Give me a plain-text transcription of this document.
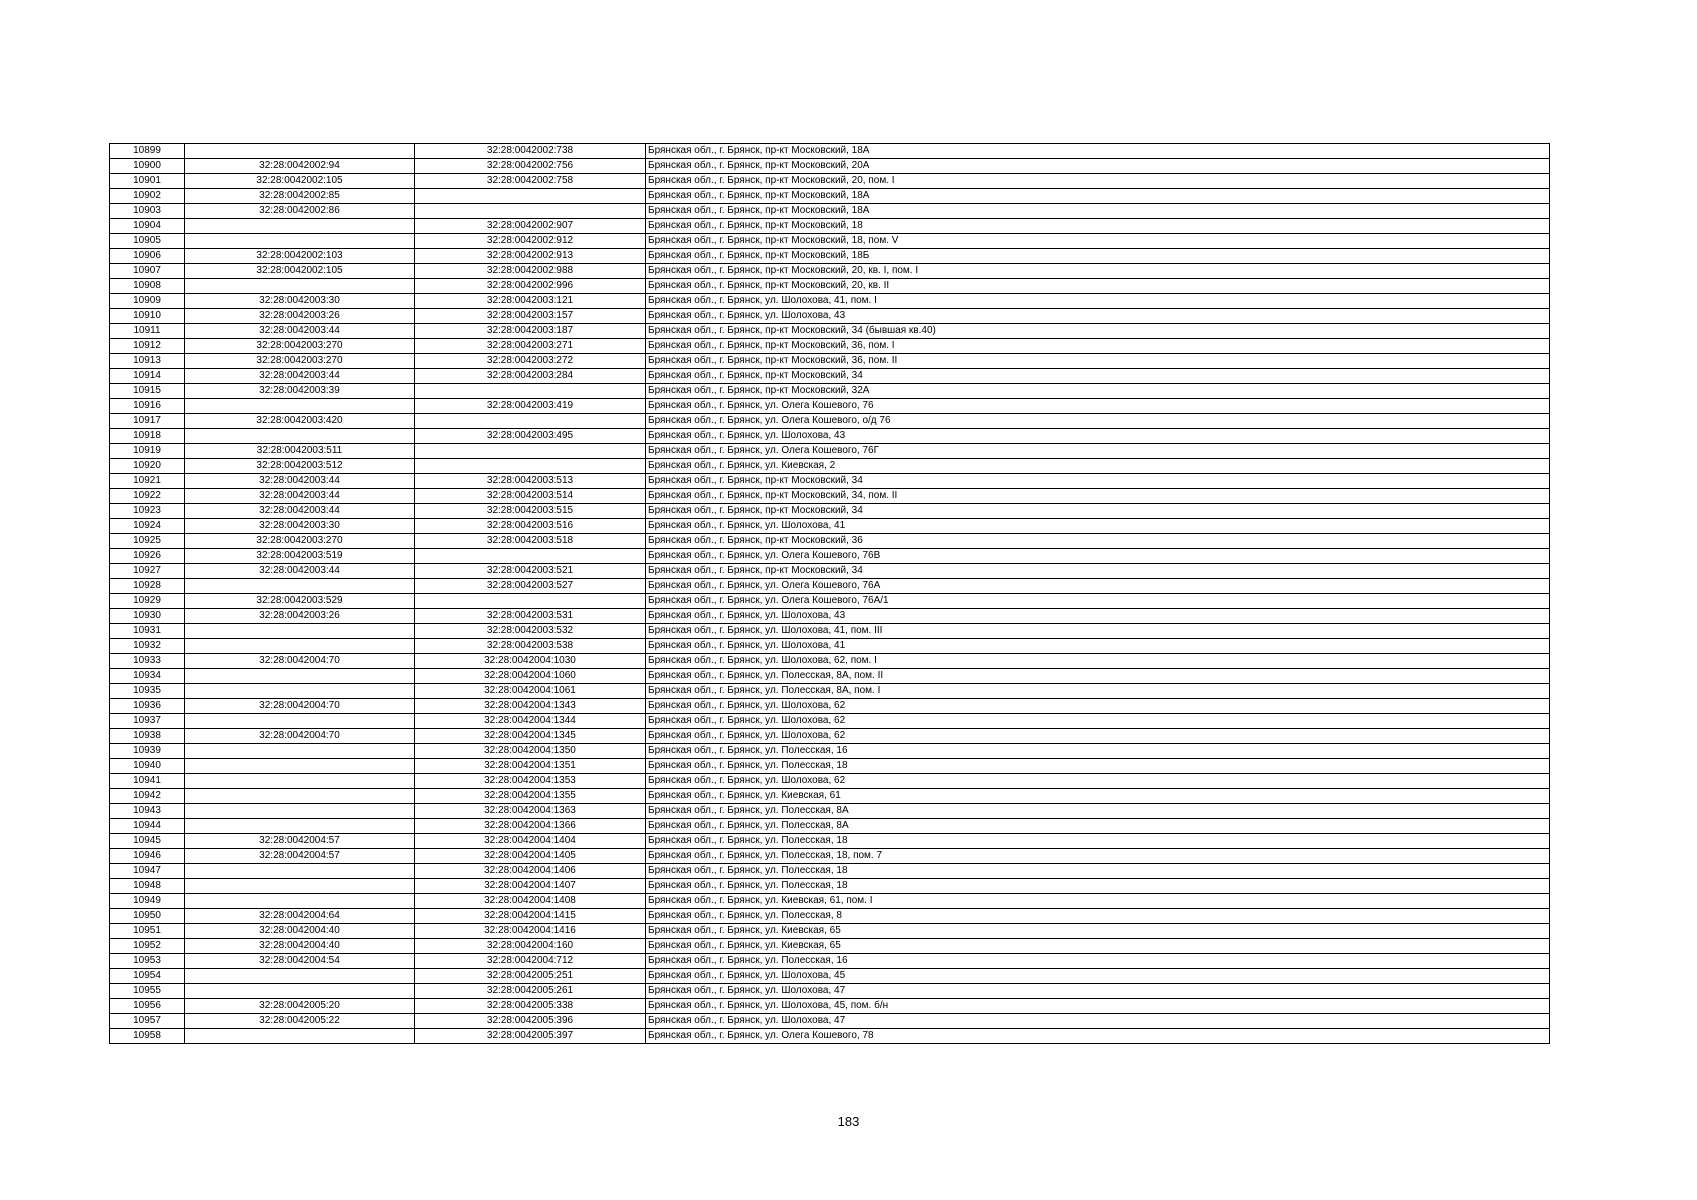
10899		32:28:0042002:738	Брянская обл., г. Брянск, пр-кт Московский, 18А
10900	32:28:0042002:94	32:28:0042002:756	Брянская обл., г. Брянск, пр-кт Московский, 20А
10901	32:28:0042002:105	32:28:0042002:758	Брянская обл., г. Брянск, пр-кт Московский, 20, пом. I
10902	32:28:0042002:85		Брянская обл., г. Брянск, пр-кт Московский, 18А
10903	32:28:0042002:86		Брянская обл., г. Брянск, пр-кт Московский, 18А
10904		32:28:0042002:907	Брянская обл., г. Брянск, пр-кт Московский, 18
10905		32:28:0042002:912	Брянская обл., г. Брянск, пр-кт Московский, 18, пом. V
10906	32:28:0042002:103	32:28:0042002:913	Брянская обл., г. Брянск, пр-кт Московский, 18Б
10907	32:28:0042002:105	32:28:0042002:988	Брянская обл., г. Брянск, пр-кт Московский, 20, кв. I, пом. I
10908		32:28:0042002:996	Брянская обл., г. Брянск, пр-кт Московский, 20, кв. II
10909	32:28:0042003:30	32:28:0042003:121	Брянская обл., г. Брянск, ул. Шолохова, 41, пом. I
10910	32:28:0042003:26	32:28:0042003:157	Брянская обл., г. Брянск, ул. Шолохова, 43
10911	32:28:0042003:44	32:28:0042003:187	Брянская обл., г. Брянск, пр-кт Московский, 34 (бывшая кв.40)
10912	32:28:0042003:270	32:28:0042003:271	Брянская обл., г. Брянск, пр-кт Московский, 36, пом. I
10913	32:28:0042003:270	32:28:0042003:272	Брянская обл., г. Брянск, пр-кт Московский, 36, пом. II
10914	32:28:0042003:44	32:28:0042003:284	Брянская обл., г. Брянск, пр-кт Московский, 34
10915	32:28:0042003:39		Брянская обл., г. Брянск, пр-кт Московский, 32А
10916		32:28:0042003:419	Брянская обл., г. Брянск, ул. Олега Кошевого, 76
10917	32:28:0042003:420		Брянская обл., г. Брянск, ул. Олега Кошевого, о/д 76
10918		32:28:0042003:495	Брянская обл., г. Брянск, ул. Шолохова, 43
10919	32:28:0042003:511		Брянская обл., г. Брянск, ул. Олега Кошевого, 76Г
10920	32:28:0042003:512		Брянская обл., г. Брянск, ул. Киевская, 2
10921	32:28:0042003:44	32:28:0042003:513	Брянская обл., г. Брянск, пр-кт Московский, 34
10922	32:28:0042003:44	32:28:0042003:514	Брянская обл., г. Брянск, пр-кт Московский, 34, пом. II
10923	32:28:0042003:44	32:28:0042003:515	Брянская обл., г. Брянск, пр-кт Московский, 34
10924	32:28:0042003:30	32:28:0042003:516	Брянская обл., г. Брянск, ул. Шолохова, 41
10925	32:28:0042003:270	32:28:0042003:518	Брянская обл., г. Брянск, пр-кт Московский, 36
10926	32:28:0042003:519		Брянская обл., г. Брянск, ул. Олега Кошевого, 76В
10927	32:28:0042003:44	32:28:0042003:521	Брянская обл., г. Брянск, пр-кт Московский, 34
10928		32:28:0042003:527	Брянская обл., г. Брянск, ул. Олега Кошевого, 76А
10929	32:28:0042003:529		Брянская обл., г. Брянск, ул. Олега Кошевого, 76А/1
10930	32:28:0042003:26	32:28:0042003:531	Брянская обл., г. Брянск, ул. Шолохова, 43
10931		32:28:0042003:532	Брянская обл., г. Брянск, ул. Шолохова, 41, пом. III
10932		32:28:0042003:538	Брянская обл., г. Брянск, ул. Шолохова, 41
10933	32:28:0042004:70	32:28:0042004:1030	Брянская обл., г. Брянск, ул. Шолохова, 62, пом. I
10934		32:28:0042004:1060	Брянская обл., г. Брянск, ул. Полесская, 8А, пом. II
10935		32:28:0042004:1061	Брянская обл., г. Брянск, ул. Полесская, 8А, пом. I
10936	32:28:0042004:70	32:28:0042004:1343	Брянская обл., г. Брянск, ул. Шолохова, 62
10937		32:28:0042004:1344	Брянская обл., г. Брянск, ул. Шолохова, 62
10938	32:28:0042004:70	32:28:0042004:1345	Брянская обл., г. Брянск, ул. Шолохова, 62
10939		32:28:0042004:1350	Брянская обл., г. Брянск, ул. Полесская, 16
10940		32:28:0042004:1351	Брянская обл., г. Брянск, ул. Полесская, 18
10941		32:28:0042004:1353	Брянская обл., г. Брянск, ул. Шолохова, 62
10942		32:28:0042004:1355	Брянская обл., г. Брянск, ул. Киевская, 61
10943		32:28:0042004:1363	Брянская обл., г. Брянск, ул. Полесская, 8А
10944		32:28:0042004:1366	Брянская обл., г. Брянск, ул. Полесская, 8А
10945	32:28:0042004:57	32:28:0042004:1404	Брянская обл., г. Брянск, ул. Полесская, 18
10946	32:28:0042004:57	32:28:0042004:1405	Брянская обл., г. Брянск, ул. Полесская, 18, пом. 7
10947		32:28:0042004:1406	Брянская обл., г. Брянск, ул. Полесская, 18
10948		32:28:0042004:1407	Брянская обл., г. Брянск, ул. Полесская, 18
10949		32:28:0042004:1408	Брянская обл., г. Брянск, ул. Киевская, 61, пом. I
10950	32:28:0042004:64	32:28:0042004:1415	Брянская обл., г. Брянск, ул. Полесская, 8
10951	32:28:0042004:40	32:28:0042004:1416	Брянская обл., г. Брянск, ул. Киевская, 65
10952	32:28:0042004:40	32:28:0042004:160	Брянская обл., г. Брянск, ул. Киевская, 65
10953	32:28:0042004:54	32:28:0042004:712	Брянская обл., г. Брянск, ул. Полесская, 16
10954		32:28:0042005:251	Брянская обл., г. Брянск, ул. Шолохова, 45
10955		32:28:0042005:261	Брянская обл., г. Брянск, ул. Шолохова, 47
10956	32:28:0042005:20	32:28:0042005:338	Брянская обл., г. Брянск, ул. Шолохова, 45, пом. б/н
10957	32:28:0042005:22	32:28:0042005:396	Брянская обл., г. Брянск, ул. Шолохова, 47
10958		32:28:0042005:397	Брянская обл., г. Брянск, ул. Олега Кошевого, 78
183
